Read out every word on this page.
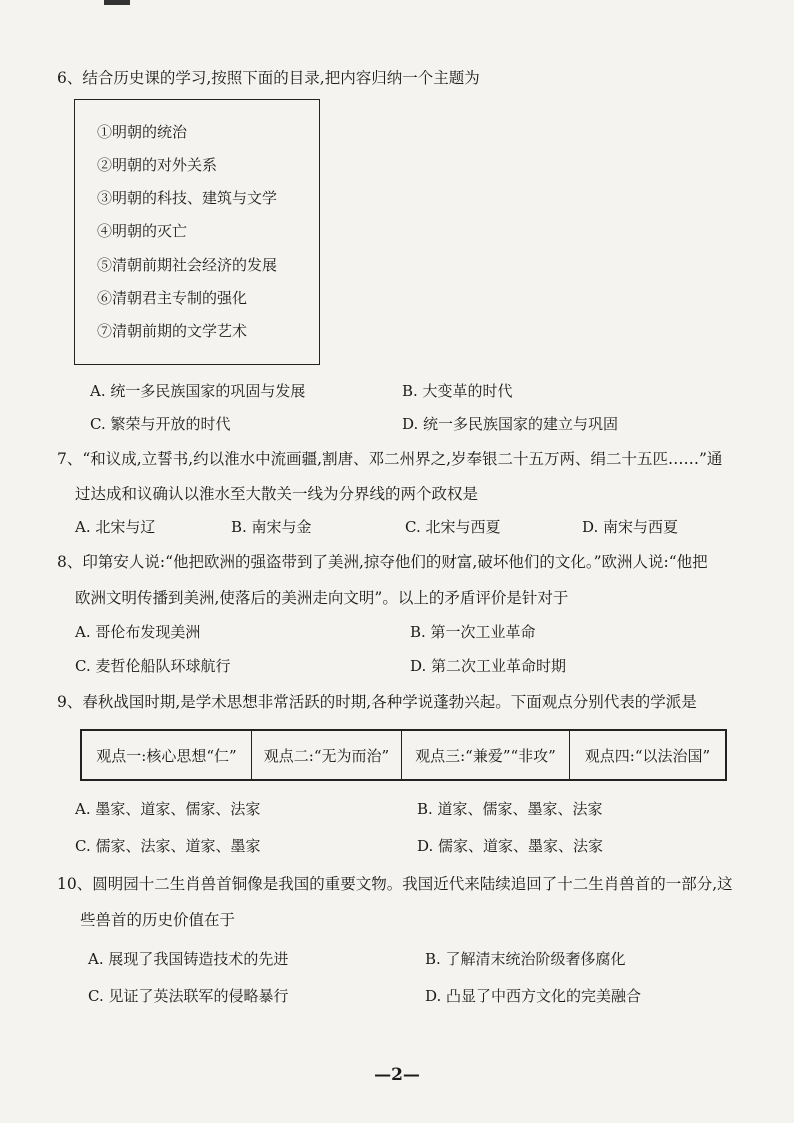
6、结合历史课的学习,按照下面的目录,把内容归纳一个主题为
①明朝的统治
②明朝的对外关系
③明朝的科技、建筑与文学
④明朝的灭亡
⑤清朝前期社会经济的发展
⑥清朝君主专制的强化
⑦清朝前期的文学艺术
A. 统一多民族国家的巩固与发展	B. 大变革的时代
C. 繁荣与开放的时代	D. 统一多民族国家的建立与巩固
7、“和议成,立誓书,约以淮水中流画疆,割唐、邓二州界之,岁奉银二十五万两、绢二十五匹……”通
过达成和议确认以淮水至大散关一线为分界线的两个政权是
A. 北宋与辽	B. 南宋与金	C. 北宋与西夏	D. 南宋与西夏
8、印第安人说:“他把欧洲的强盗带到了美洲,掠夺他们的财富,破坏他们的文化。”欧洲人说:“他把
欧洲文明传播到美洲,使落后的美洲走向文明”。以上的矛盾评价是针对于
A. 哥伦布发现美洲	B. 第一次工业革命
C. 麦哲伦船队环球航行	D. 第二次工业革命时期
9、春秋战国时期,是学术思想非常活跃的时期,各种学说蓬勃兴起。下面观点分别代表的学派是
观点一:核心思想“仁”	观点二:“无为而治”	观点三:“兼爱”“非攻”	观点四:“以法治国”
A. 墨家、道家、儒家、法家	B. 道家、儒家、墨家、法家
C. 儒家、法家、道家、墨家	D. 儒家、道家、墨家、法家
10、圆明园十二生肖兽首铜像是我国的重要文物。我国近代来陆续追回了十二生肖兽首的一部分,这
些兽首的历史价值在于
A. 展现了我国铸造技术的先进	B. 了解清末统治阶级奢侈腐化
C. 见证了英法联军的侵略暴行	D. 凸显了中西方文化的完美融合
—2—
